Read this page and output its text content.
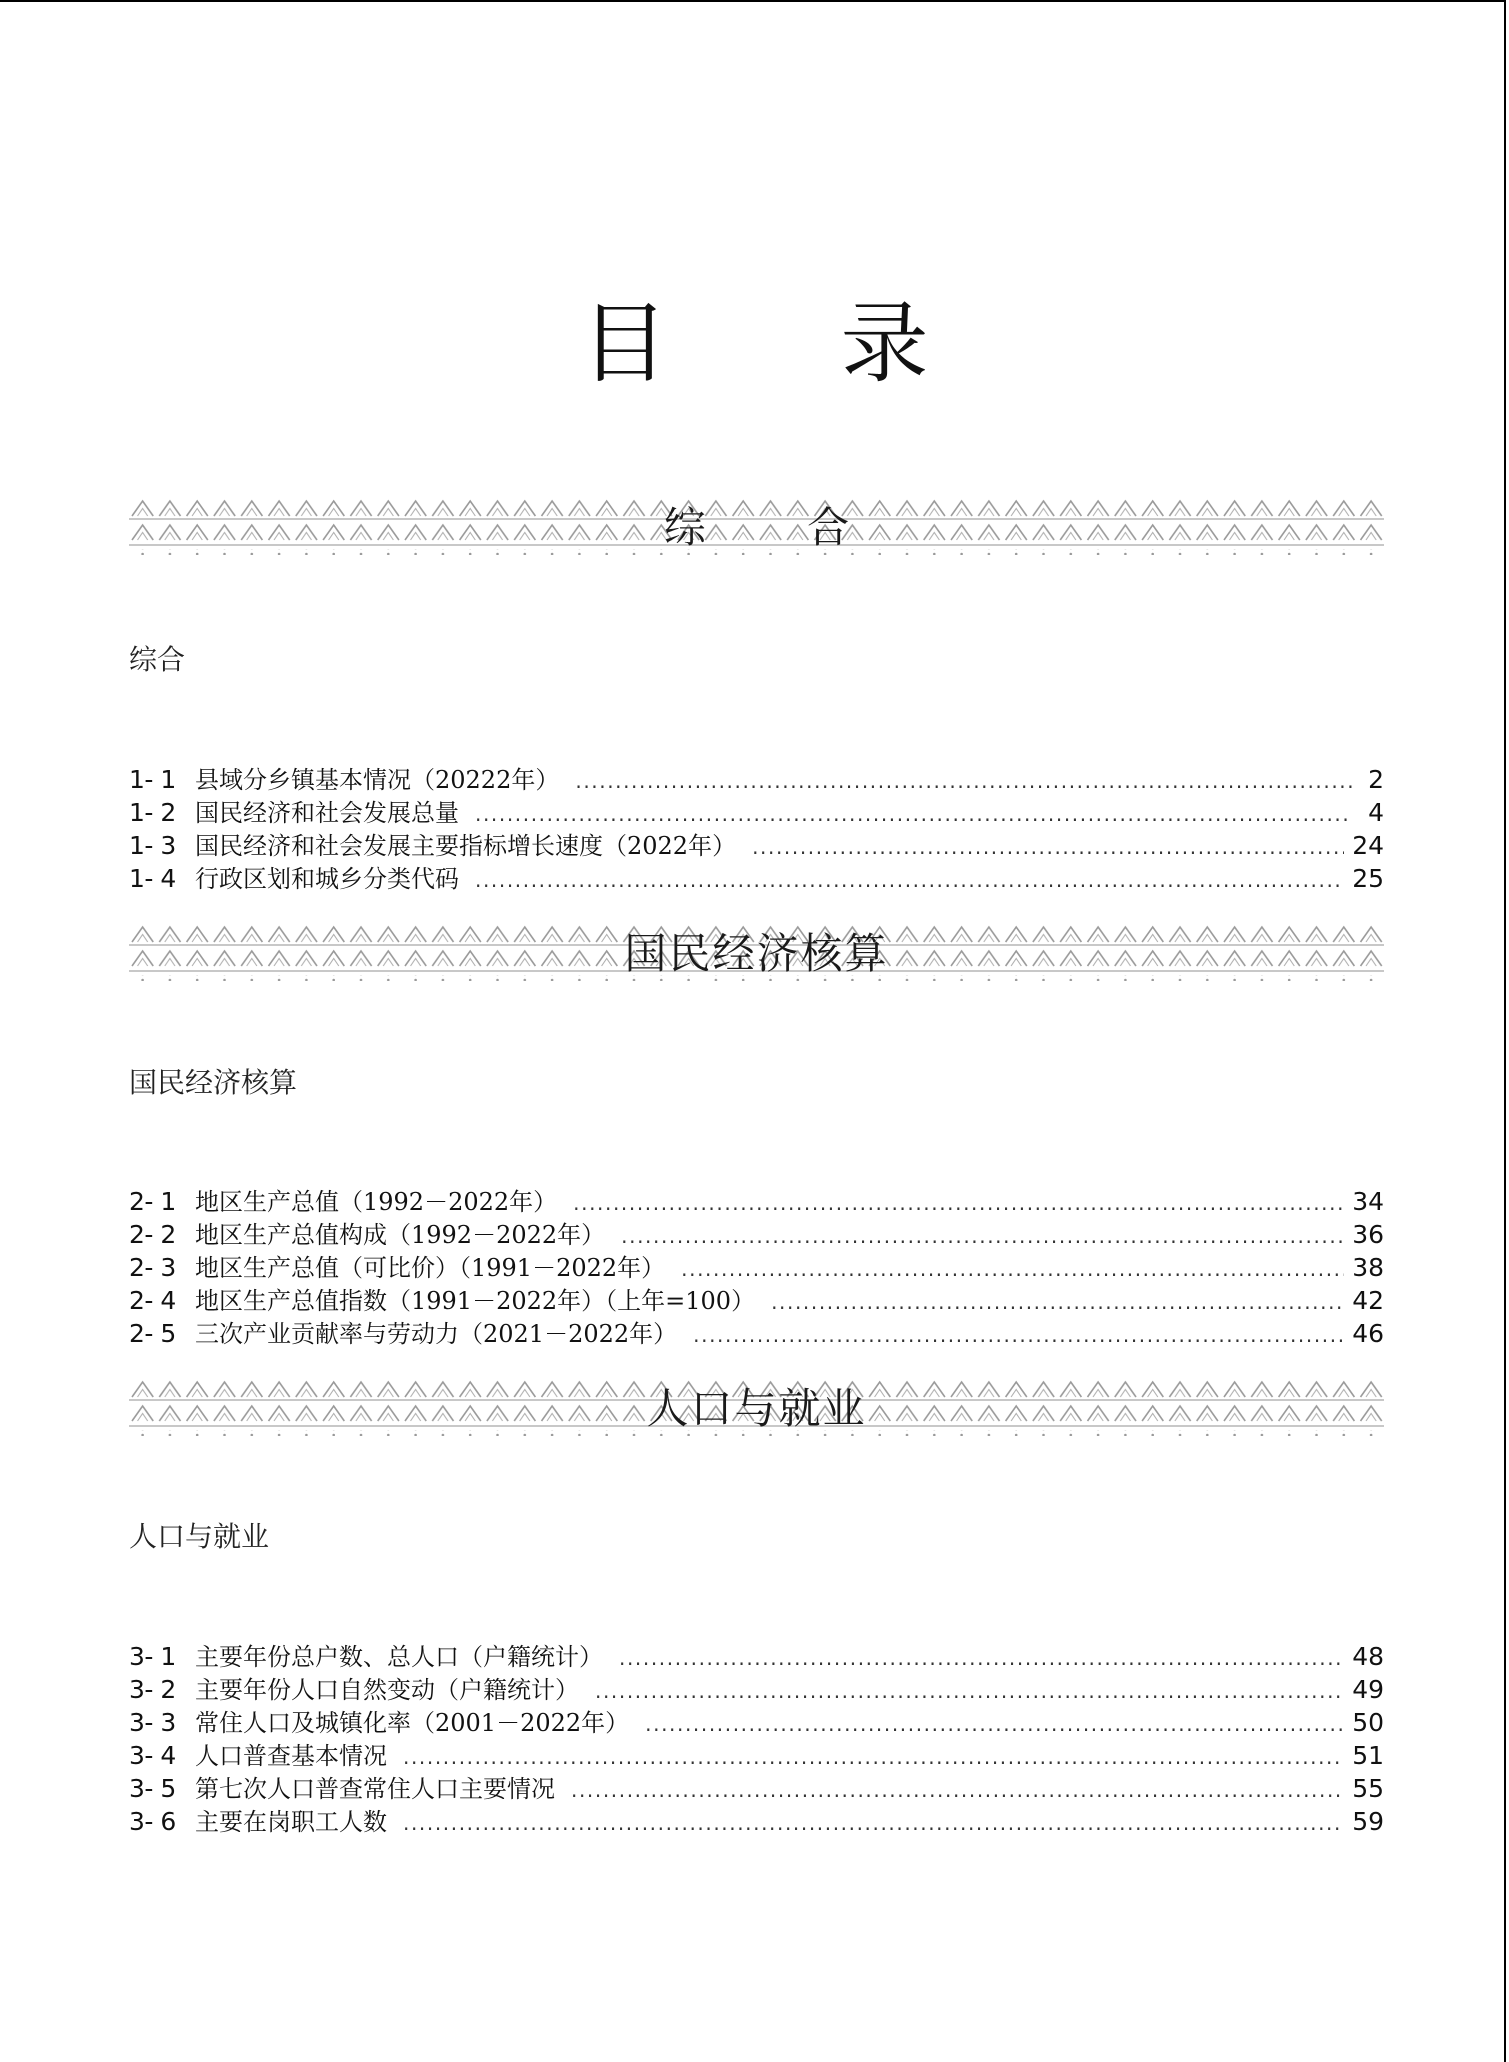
目 录
综 合
综合
1- 1 县域分乡镇基本情况（20222年） .....	2
1- 2 国民经济和社会发展总量 .....	4
1- 3 国民经济和社会发展主要指标增长速度（2022年） .....	24
1- 4 行政区划和城乡分类代码 .....	25
国民经济核算
国民经济核算
2- 1 地区生产总值（1992－2022年） .....	34
2- 2 地区生产总值构成（1992－2022年） .....	36
2- 3 地区生产总值（可比价）（1991－2022年） .....	38
2- 4 地区生产总值指数（1991－2022年）（上年=100） .....	42
2- 5 三次产业贡献率与劳动力（2021－2022年） .....	46
人口与就业
人口与就业
3- 1 主要年份总户数、总人口（户籍统计） .....	48
3- 2 主要年份人口自然变动（户籍统计） .....	49
3- 3 常住人口及城镇化率（2001－2022年） .....	50
3- 4 人口普查基本情况 .....	51
3- 5 第七次人口普查常住人口主要情况 .....	55
3- 6 主要在岗职工人数 .....	59
